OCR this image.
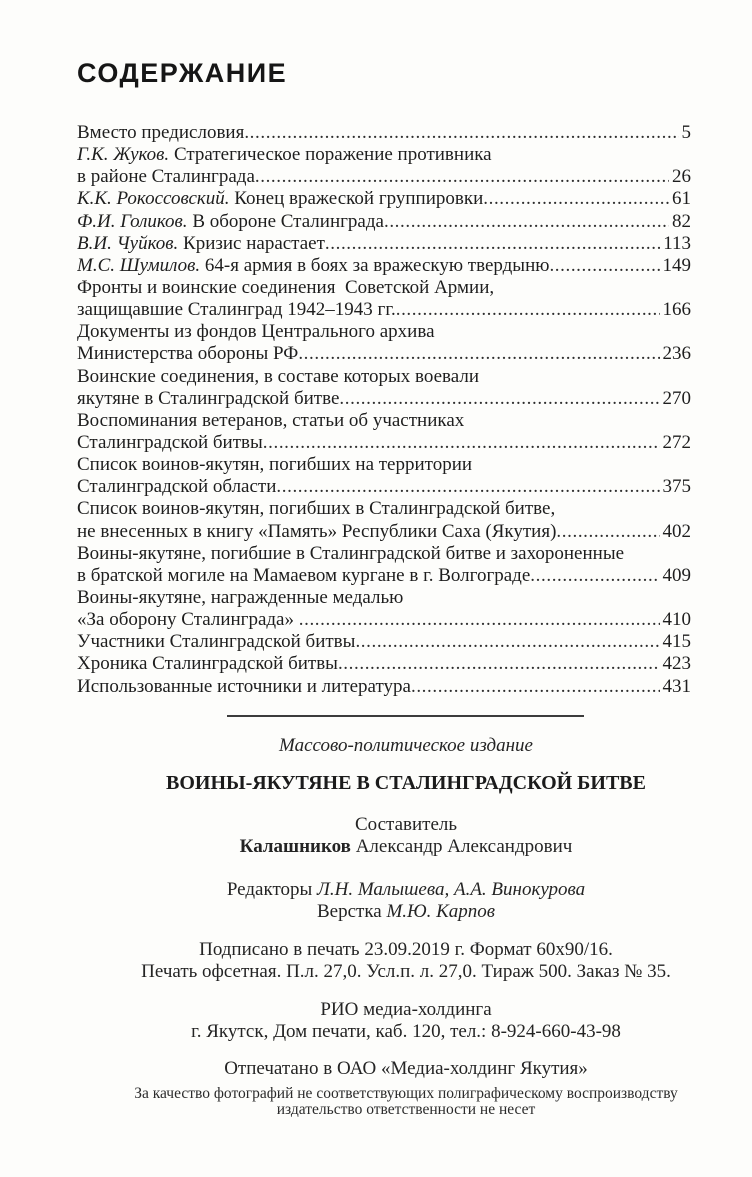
СОДЕРЖАНИЕ
Вместо предисловия .....	5
Г.К. Жуков. Стратегическое поражение противника
в районе Сталинграда .....	26
К.К. Рокоссовский. Конец вражеской группировки .....	61
Ф.И. Голиков. В обороне Сталинграда .....	82
В.И. Чуйков. Кризис нарастает .....	113
М.С. Шумилов. 64-я армия в боях за вражескую твердыню .....	149
Фронты и воинские соединения  Советской Армии,
защищавшие Сталинград 1942–1943 гг. .....	166
Документы из фондов Центрального архива
Министерства обороны РФ .....	236
Воинские соединения, в составе которых воевали
якутяне в Сталинградской битве .....	270
Воспоминания ветеранов, статьи об участниках
Сталинградской битвы .....	272
Список воинов-якутян, погибших на территории
Сталинградской области .....	375
Список воинов-якутян, погибших в Сталинградской битве,
не внесенных в книгу «Память» Республики Саха (Якутия) .....	402
Воины-якутяне, погибшие в Сталинградской битве и захороненные
в братской могиле на Мамаевом кургане в г. Волгограде .....	409
Воины-якутяне, награжденные медалью
«За оборону Сталинграда» .....	410
Участники Сталинградской битвы .....	415
Хроника Сталинградской битвы .....	423
Использованные источники и литература .....	431
Массово-политическое издание
ВОИНЫ-ЯКУТЯНЕ В СТАЛИНГРАДСКОЙ БИТВЕ
Составитель
Калашников Александр Александрович
Редакторы Л.Н. Малышева, А.А. Винокурова
Верстка М.Ю. Карпов
Подписано в печать 23.09.2019 г. Формат 60х90/16.
Печать офсетная. П.л. 27,0. Усл.п. л. 27,0. Тираж 500. Заказ № 35.
РИО медиа-холдинга
г. Якутск, Дом печати, каб. 120, тел.: 8-924-660-43-98
Отпечатано в ОАО «Медиа-холдинг Якутия»
За качество фотографий не соответствующих полиграфическому воспроизводству
издательство ответственности не несет
